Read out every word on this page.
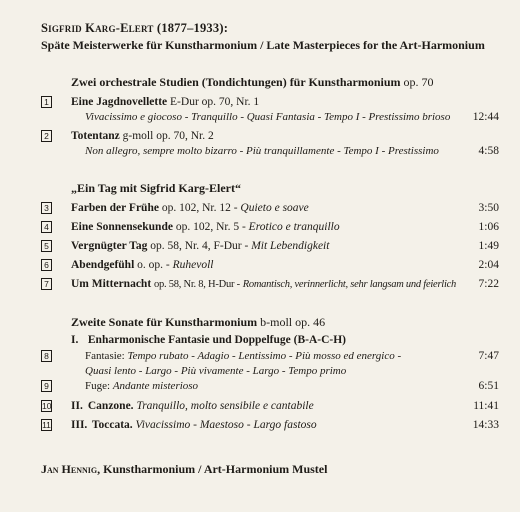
Sigfrid Karg-Elert (1877–1933):
Späte Meisterwerke für Kunstharmonium / Late Masterpieces for the Art-Harmonium
Zwei orchestrale Studien (Tondichtungen) für Kunstharmonium op. 70
1 Eine Jagdnovellette E-Dur op. 70, Nr. 1
Vivacissimo e giocoso - Tranquillo - Quasi Fantasia - Tempo I - Prestissimo brioso 12:44
2 Totentanz g-moll op. 70, Nr. 2
Non allegro, sempre molto bizarro - Più tranquillamente - Tempo I - Prestissimo	4:58
„Ein Tag mit Sigfrid Karg-Elert“
3 Farben der Frühe op. 102, Nr. 12 - Quieto e soave	3:50
4 Eine Sonnensekunde op. 102, Nr. 5 - Erotico e tranquillo	1:06
5 Vergnügter Tag op. 58, Nr. 4, F-Dur - Mit Lebendigkeit	1:49
6 Abendgefühl o. op. - Ruhevoll	2:04
7 Um Mitternacht op. 58, Nr. 8, H-Dur - Romantisch, verinnerlicht, sehr langsam und feierlich 7:22
Zweite Sonate für Kunstharmonium b-moll op. 46
I. Enharmonische Fantasie und Doppelfuge (B-A-C-H)
8	Fantasie: Tempo rubato - Adagio - Lentissimo - Più mosso ed energico -	7:47
Quasi lento - Largo - Più vivamente - Largo - Tempo primo
9	Fuge: Andante misterioso	6:51
10 II. Canzone. Tranquillo, molto sensibile e cantabile	11:41
11 III. Toccata. Vivacissimo - Maestoso - Largo fastoso	14:33
Jan Hennig, Kunstharmonium / Art-Harmonium Mustel
